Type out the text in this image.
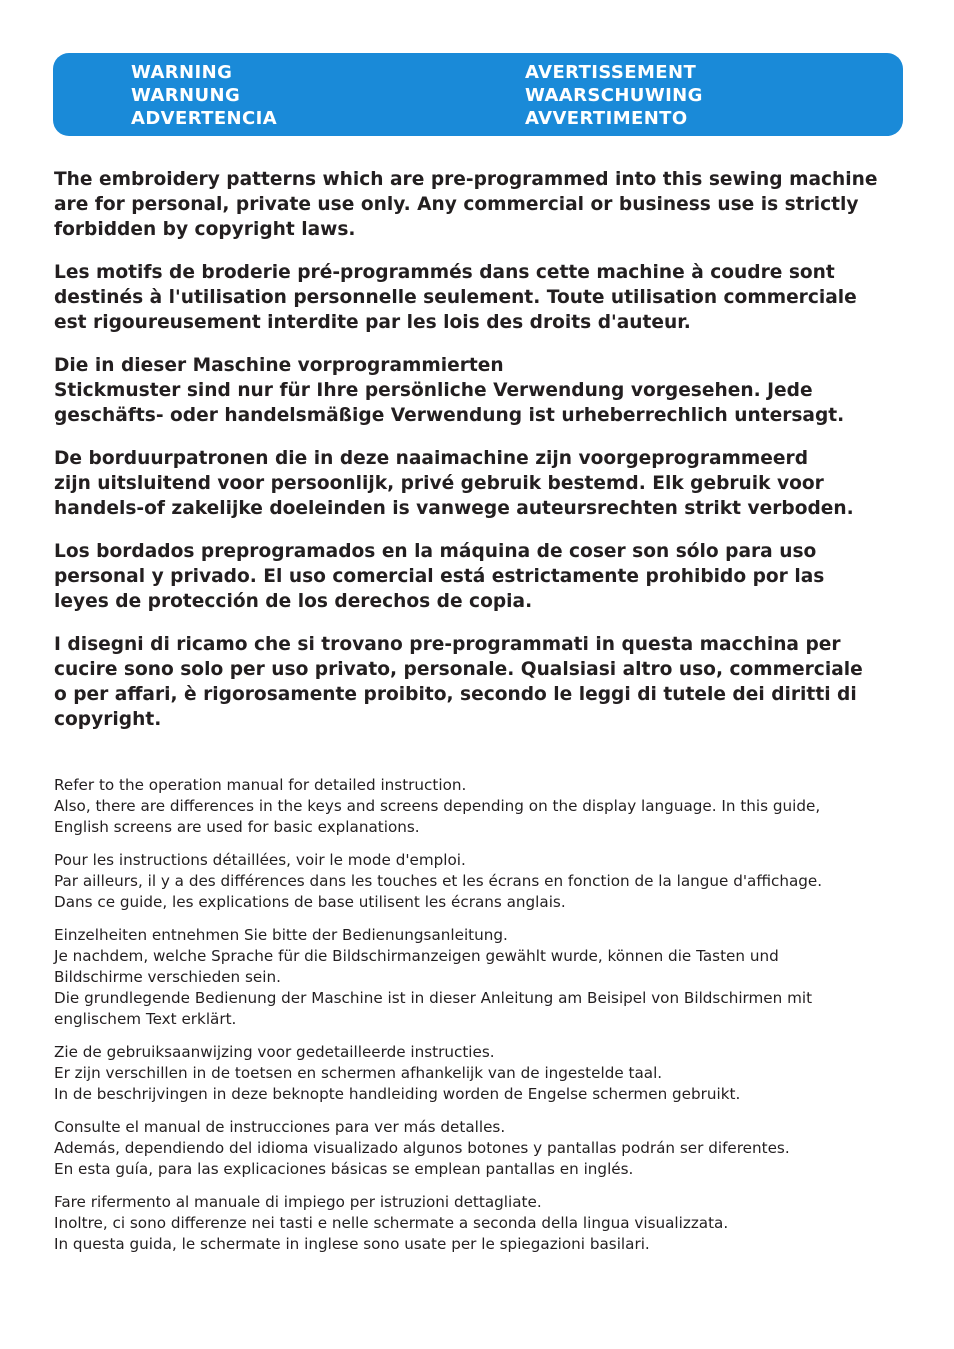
WARNING
WARNUNG
ADVERTENCIA
AVERTISSEMENT
WAARSCHUWING
AVVERTIMENTO

The embroidery patterns which are pre-programmed into this sewing machine
are for personal, private use only. Any commercial or business use is strictly
forbidden by copyright laws.

Les motifs de broderie pré-programmés dans cette machine à coudre sont
destinés à l'utilisation personnelle seulement. Toute utilisation commerciale
est rigoureusement interdite par les lois des droits d'auteur.

Die in dieser Maschine vorprogrammierten
Stickmuster sind nur für Ihre persönliche Verwendung vorgesehen. Jede
geschäfts- oder handelsmäßige Verwendung ist urheberrechlich untersagt.

De borduurpatronen die in deze naaimachine zijn voorgeprogrammeerd
zijn uitsluitend voor persoonlijk, privé gebruik bestemd. Elk gebruik voor
handels-of zakelijke doeleinden is vanwege auteursrechten strikt verboden.

Los bordados preprogramados en la máquina de coser son sólo para uso
personal y privado. El uso comercial está estrictamente prohibido por las
leyes de protección de los derechos de copia.

I disegni di ricamo che si trovano pre-programmati in questa macchina per
cucire sono solo per uso privato, personale. Qualsiasi altro uso, commerciale
o per affari, è rigorosamente proibito, secondo le leggi di tutele dei diritti di
copyright.

Refer to the operation manual for detailed instruction.
Also, there are differences in the keys and screens depending on the display language. In this guide,
English screens are used for basic explanations.

Pour les instructions détaillées, voir le mode d'emploi.
Par ailleurs, il y a des différences dans les touches et les écrans en fonction de la langue d'affichage.
Dans ce guide, les explications de base utilisent les écrans anglais.

Einzelheiten entnehmen Sie bitte der Bedienungsanleitung.
Je nachdem, welche Sprache für die Bildschirmanzeigen gewählt wurde, können die Tasten und
Bildschirme verschieden sein.
Die grundlegende Bedienung der Maschine ist in dieser Anleitung am Beisipel von Bildschirmen mit
englischem Text erklärt.

Zie de gebruiksaanwijzing voor gedetailleerde instructies.
Er zijn verschillen in de toetsen en schermen afhankelijk van de ingestelde taal.
In de beschrijvingen in deze beknopte handleiding worden de Engelse schermen gebruikt.

Consulte el manual de instrucciones para ver más detalles.
Además, dependiendo del idioma visualizado algunos botones y pantallas podrán ser diferentes.
En esta guía, para las explicaciones básicas se emplean pantallas en inglés.

Fare rifermento al manuale di impiego per istruzioni dettagliate.
Inoltre, ci sono differenze nei tasti e nelle schermate a seconda della lingua visualizzata.
In questa guida, le schermate in inglese sono usate per le spiegazioni basilari.
